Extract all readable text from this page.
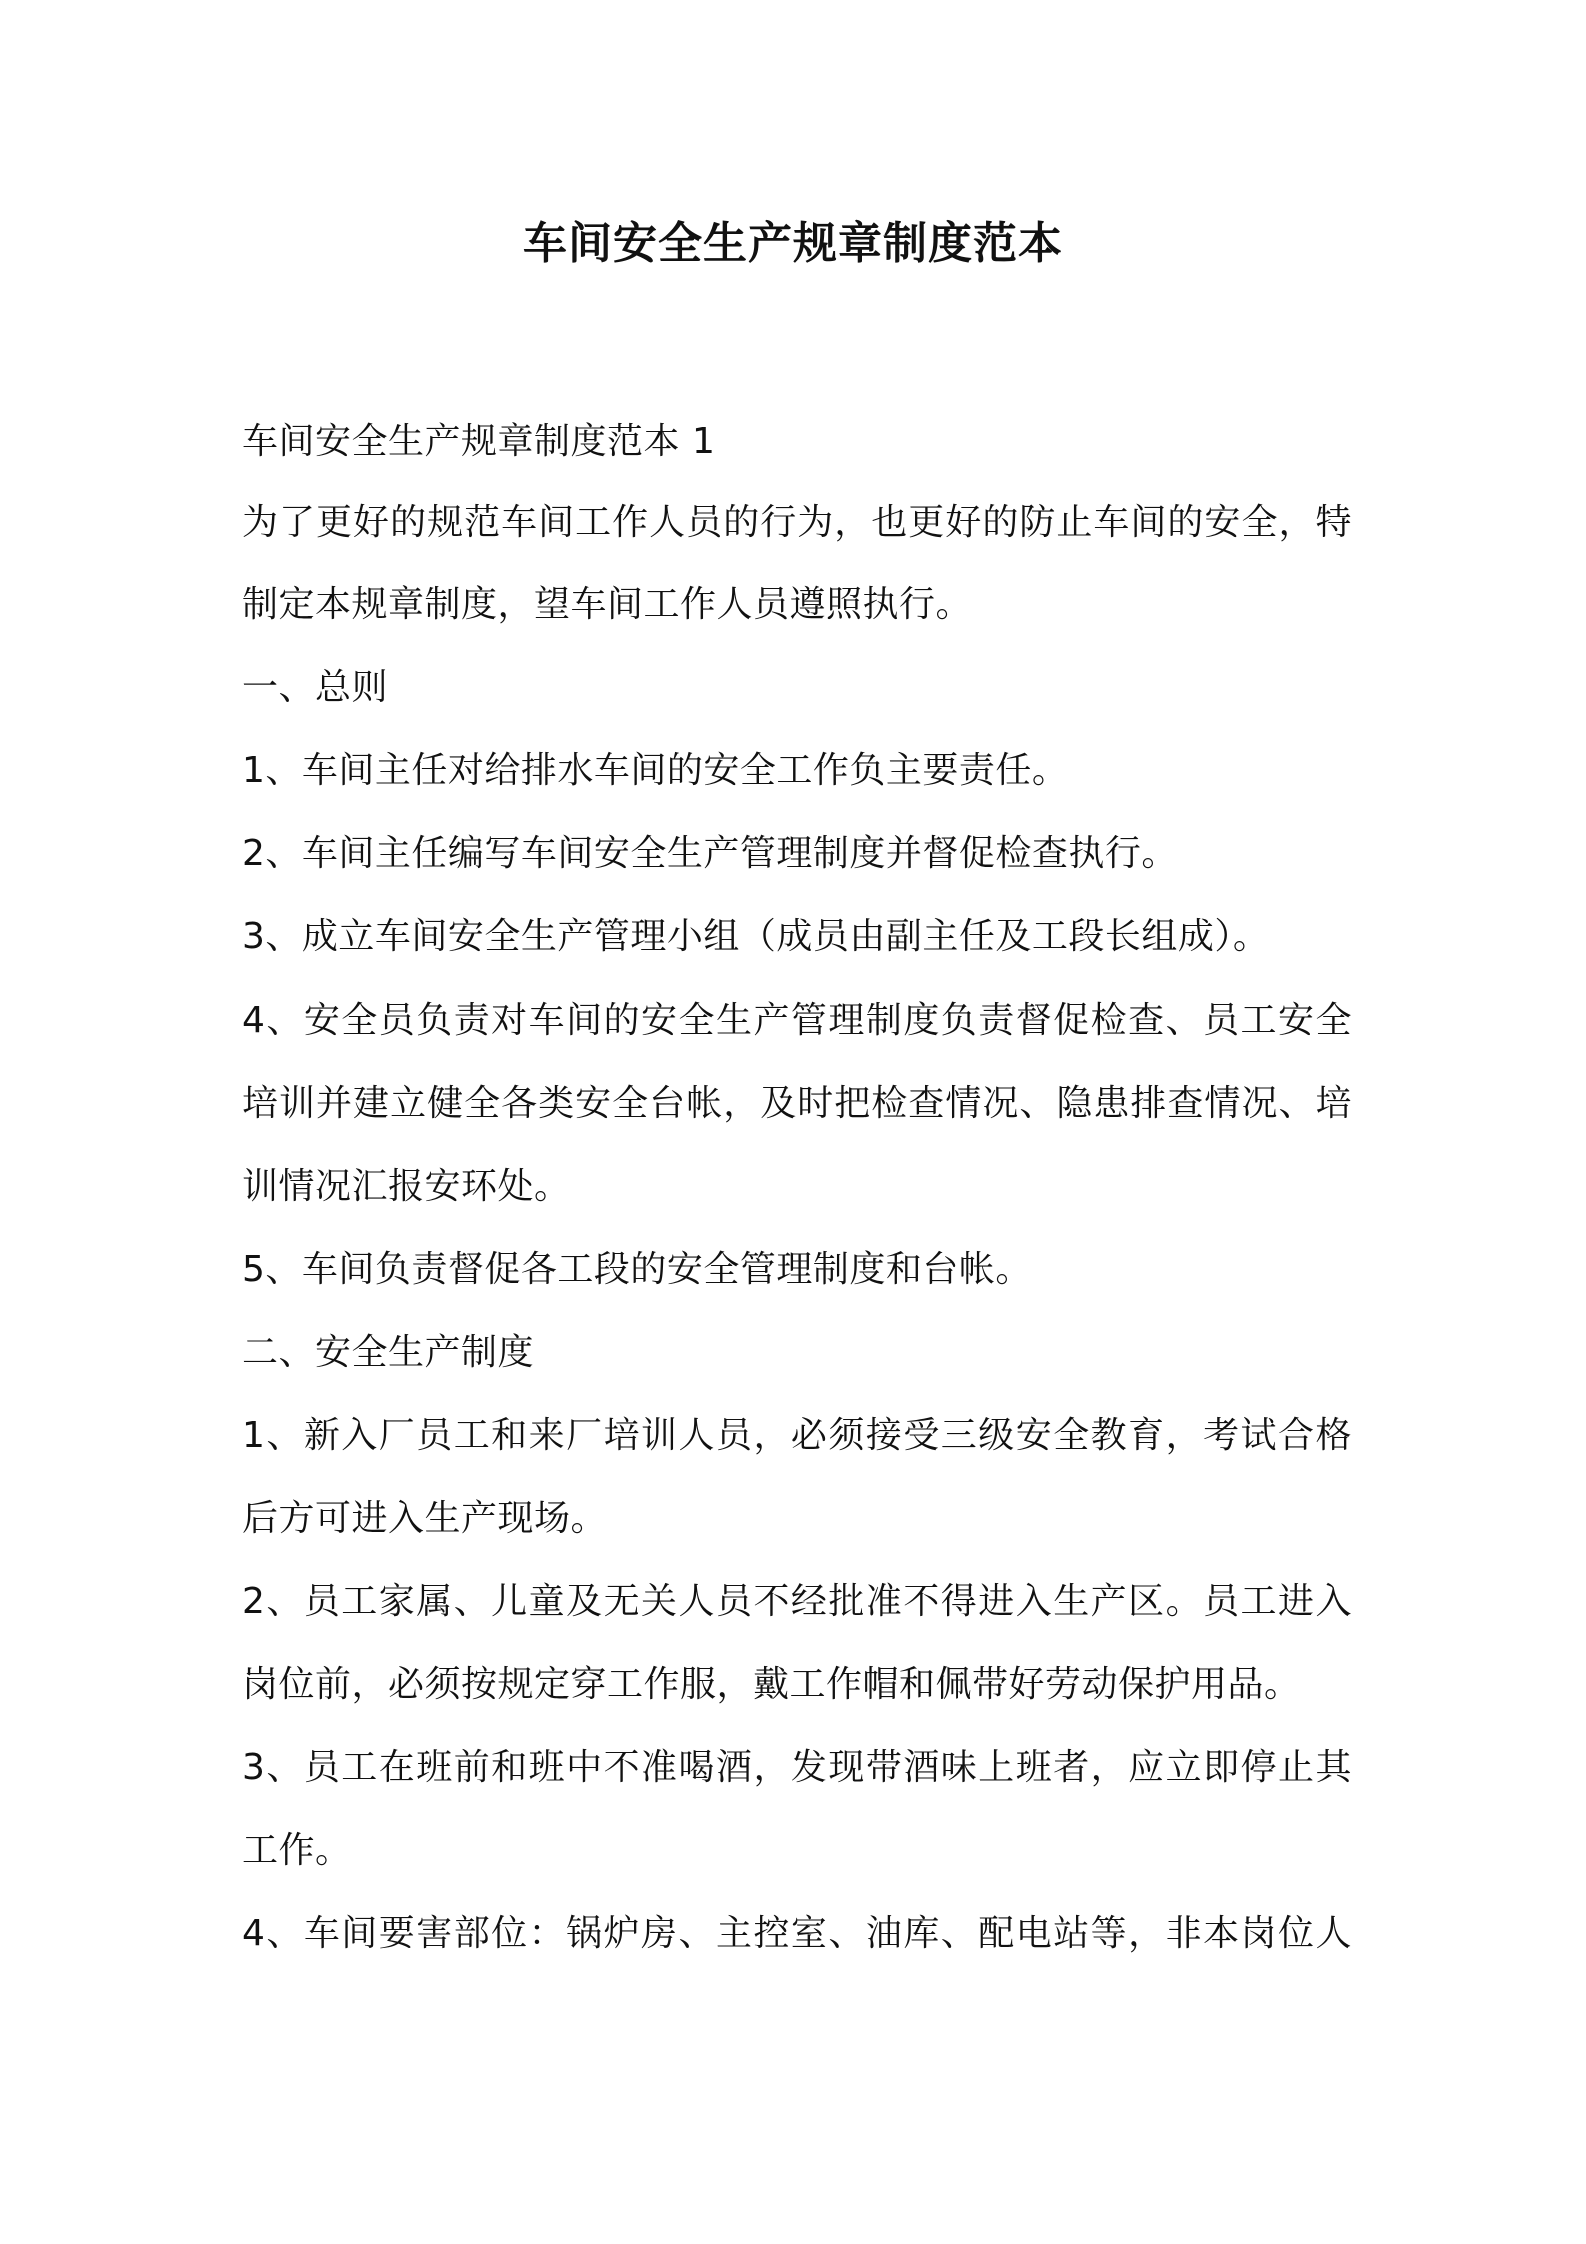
车间安全生产规章制度范本
车间安全生产规章制度范本 1
为了更好的规范车间工作人员的行为，也更好的防止车间的安全，特
制定本规章制度，望车间工作人员遵照执行。
一、总则
1、车间主任对给排水车间的安全工作负主要责任。
2、车间主任编写车间安全生产管理制度并督促检查执行。
3、成立车间安全生产管理小组（成员由副主任及工段长组成）。
4、安全员负责对车间的安全生产管理制度负责督促检查、员工安全
培训并建立健全各类安全台帐，及时把检查情况、隐患排查情况、培
训情况汇报安环处。
5、车间负责督促各工段的安全管理制度和台帐。
二、安全生产制度
1、新入厂员工和来厂培训人员，必须接受三级安全教育，考试合格
后方可进入生产现场。
2、员工家属、儿童及无关人员不经批准不得进入生产区。员工进入
岗位前，必须按规定穿工作服，戴工作帽和佩带好劳动保护用品。
3、员工在班前和班中不准喝酒，发现带酒味上班者，应立即停止其
工作。
4、车间要害部位：锅炉房、主控室、油库、配电站等，非本岗位人
